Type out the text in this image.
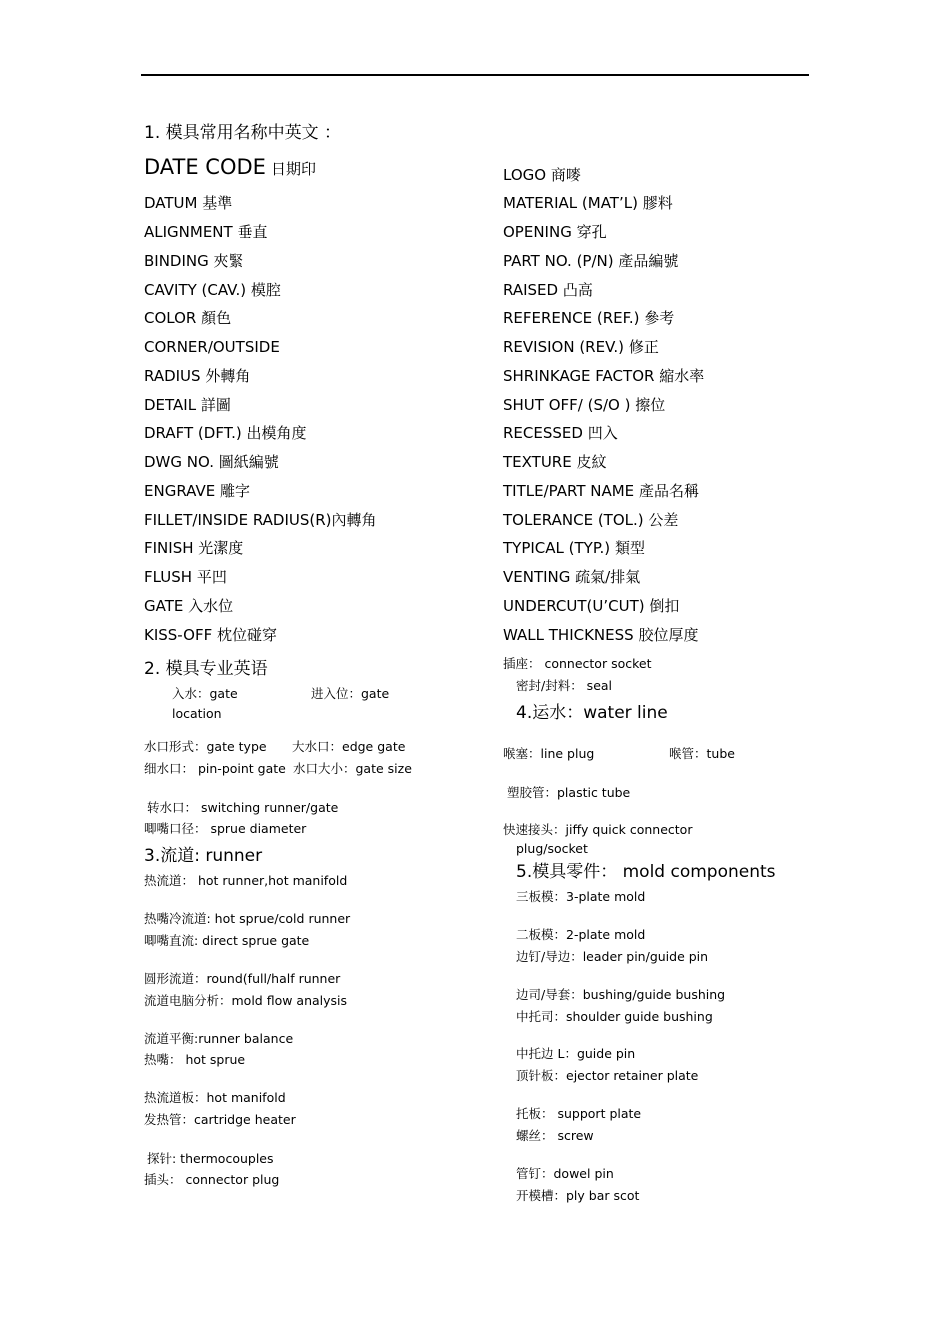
1. 模具常用名称中英文 ：
DATE CODE 日期印
DATUM 基準
ALIGNMENT 垂直
BINDING 夾緊
CAVITY (CAV.) 模腔
COLOR 顏色
CORNER/OUTSIDE
RADIUS 外轉角
DETAIL 詳圖
DRAFT (DFT.) 出模角度
DWG NO. 圖紙編號
ENGRAVE 雕字
FILLET/INSIDE RADIUS(R)內轉角
FINISH 光潔度
FLUSH 平凹
GATE 入水位
KISS-OFF 枕位碰穿
LOGO 商嘜
MATERIAL (MAT’L) 膠料
OPENING 穿孔
PART NO. (P/N) 產品編號
RAISED 凸高
REFERENCE (REF.) 參考
REVISION (REV.) 修正
SHRINKAGE FACTOR 縮水率
SHUT OFF/ (S/O ) 擦位
RECESSED 凹入
TEXTURE 皮紋
TITLE/PART NAME 產品名稱
TOLERANCE (TOL.) 公差
TYPICAL (TYP.) 類型
VENTING 疏氣/排氣
UNDERCUT(U’CUT) 倒扣
WALL THICKNESS 胶位厚度
2. 模具专业英语
入水：gate	进入位：gate
location
水口形式：gate type 大水口：edge gate
细水口： pin-point gate 水口大小：gate size
转水口： switching runner/gate
唧嘴口径： sprue diameter
3.流道: runner
热流道： hot runner,hot manifold
热嘴冷流道: hot sprue/cold runner
唧嘴直流: direct sprue gate
圆形流道：round(full/half runner
流道电脑分析：mold flow analysis
流道平衡:runner balance
热嘴： hot sprue
热流道板：hot manifold
发热管：cartridge heater
探针: thermocouples
插头： connector plug
插座： connector socket
密封/封料： seal
4.运水：water line
喉塞：line plug	喉管：tube
塑胶管：plastic tube
快速接头：jiffy quick connector
plug/socket
5.模具零件： mold components
三板模：3-plate mold
二板模：2-plate mold
边钉/导边：leader pin/guide pin
边司/导套：bushing/guide bushing
中托司：shoulder guide bushing
中托边 L：guide pin
顶针板：ejector retainer plate
托板： support plate
螺丝： screw
管钉：dowel pin
开模槽：ply bar scot
